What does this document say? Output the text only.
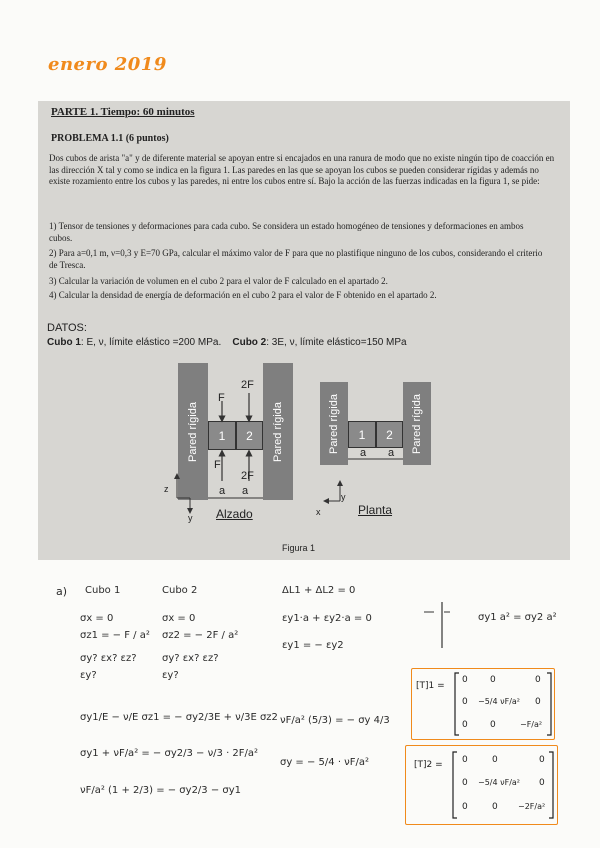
enero 2019
PARTE 1. Tiempo: 60 minutos
PROBLEMA 1.1 (6 puntos)
Dos cubos de arista "a" y de diferente material se apoyan entre si encajados en una ranura de modo que no existe ningún tipo de coacción en las dirección X tal y como se indica en la figura 1. Las paredes en las que se apoyan los cubos se pueden considerar rígidas y además no existe rozamiento entre los cubos y las paredes, ni entre los cubos entre sí. Bajo la acción de las fuerzas indicadas en la figura 1, se pide:
1) Tensor de tensiones y deformaciones para cada cubo. Se considera un estado homogéneo de tensiones y deformaciones en ambos cubos.
2) Para a=0,1 m, ν=0,3 y E=70 GPa, calcular el máximo valor de F para que no plastifique ninguno de los cubos, considerando el criterio de Tresca.
3) Calcular la variación de volumen en el cubo 2 para el valor de F calculado en el apartado 2.
4) Calcular la densidad de energía de deformación en el cubo 2 para el valor de F obtenido en el apartado 2.
DATOS:
Cubo 1: E, ν, límite elástico =200 MPa. Cubo 2: 3E, ν, límite elástico=150 MPa
Pared rígida	Pared rígida
1	2
F
2F
F
2F
a a
z
y Alzado
Pared rígida	Pared rígida
1	2
a a
y
x	Planta
Figura 1
a) Cubo 1
σx = 0
σz1 = − F / a²
σy? εx? εz?
εy?
Cubo 2
σx = 0
σz2 = − 2F / a²
σy? εx? εz?
εy?
ΔL1 + ΔL2 = 0
εy1·a + εy2·a = 0
εy1 = − εy2
σy1 a² = σy2 a²
σy1/E − ν/E σz1 = − σy2/3E + ν/3E σz2
σy1 + νF/a² = − σy2/3 − ν/3 · 2F/a²
νF/a² (1 + 2/3) = − σy2/3 − σy1
νF/a² (5/3) = − σy 4/3
σy = − 5/4 · νF/a²
[T]1 =
0 0	0
0 −5/4 νF/a² 0
0 0	−F/a²
[T]2 = 0	0	0
0 −5/4 νF/a² 0
0	0	−2F/a²
